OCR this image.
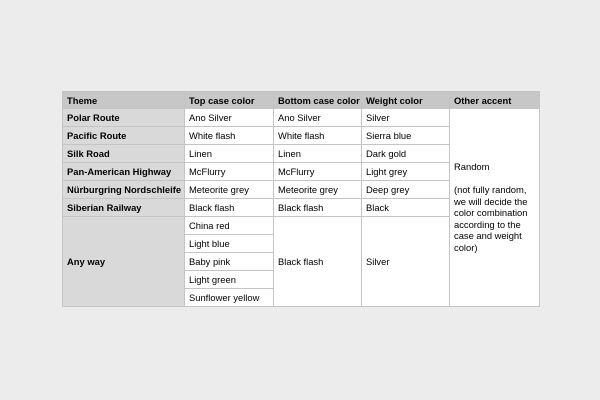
Theme	Top case color	Bottom case color	Weight color	Other accent
Polar Route	Ano Silver	Ano Silver	Silver	Random
(not fully random, we will decide the color combination according to the case and weight color)

Pacific Route	White flash	White flash	Sierra blue	
Silk Road	Linen	Linen	Dark gold	
Pan-American Highway	McFlurry	McFlurry	Light grey	
Nürburgring Nordschleife	Meteorite grey	Meteorite grey	Deep grey	
Siberian Railway	Black flash	Black flash	Black	
Any way	China red	Black flash	Silver	
	Light blue			
	Baby pink			
	Light green			
	Sunflower yellow			
